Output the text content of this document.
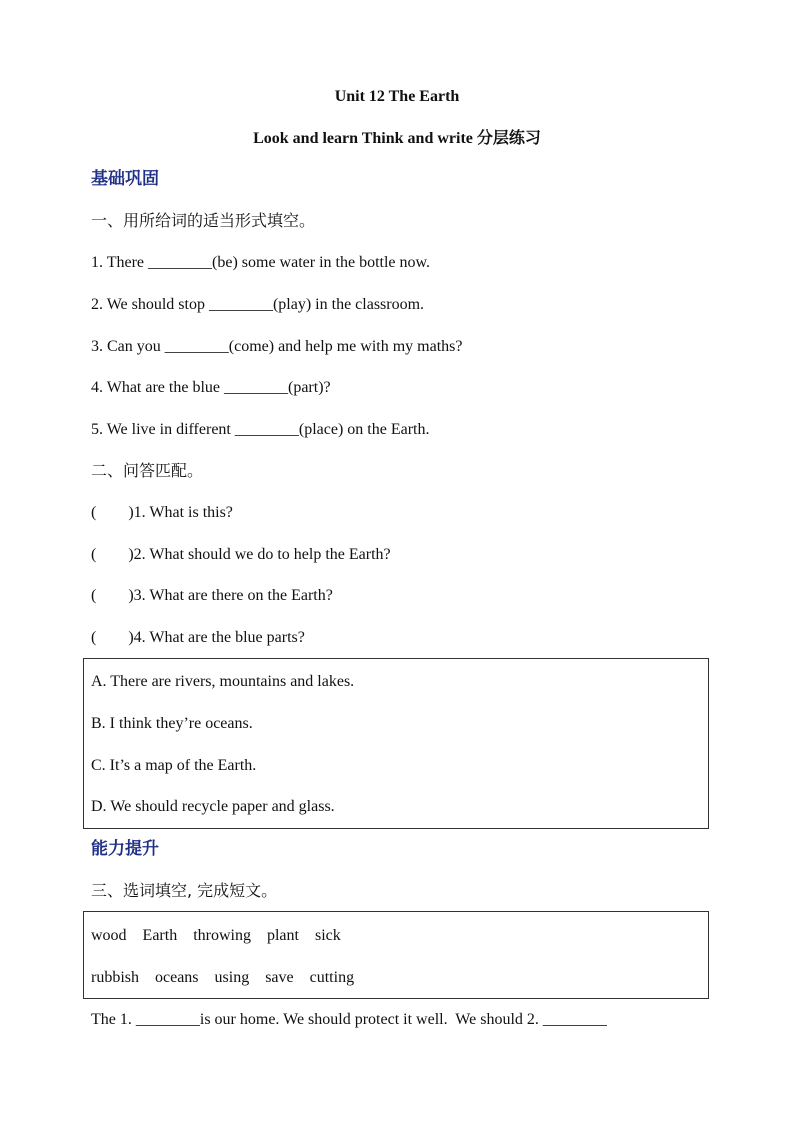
Unit 12 The Earth
Look and learn Think and write 分层练习
基础巩固
一、用所给词的适当形式填空。
1. There ________(be) some water in the bottle now.
2. We should stop ________(play) in the classroom.
3. Can you ________(come) and help me with my maths?
4. What are the blue ________(part)?
5. We live in different ________(place) on the Earth.
二、问答匹配。
(        )1. What is this?
(        )2. What should we do to help the Earth?
(        )3. What are there on the Earth?
(        )4. What are the blue parts?
A. There are rivers, mountains and lakes.
B. I think they’re oceans.
C. It’s a map of the Earth.
D. We should recycle paper and glass.
能力提升
三、选词填空, 完成短文。
wood    Earth    throwing    plant    sick
rubbish    oceans    using    save    cutting
The 1. ________is our home. We should protect it well.  We should 2. ________
